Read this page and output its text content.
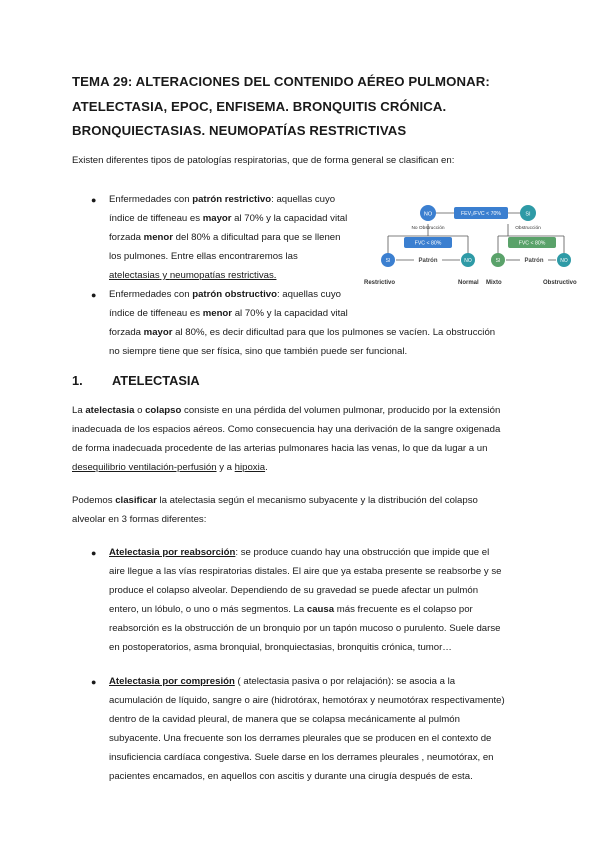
TEMA 29: ALTERACIONES DEL CONTENIDO AÉREO PULMONAR:
ATELECTASIA, EPOC, ENFISEMA. BRONQUITIS CRÓNICA.
BRONQUIECTASIAS. NEUMOPATÍAS RESTRICTIVAS
Existen diferentes tipos de patologías respiratorias, que de forma general se clasifican en:
● Enfermedades con patrón restrictivo: aquellas cuyo
índice de tiffeneau es mayor al 70% y la capacidad vital
forzada menor del 80% a dificultad para que se llenen
los pulmones. Entre ellas encontraremos las
atelectasias y neumopatías restrictivas.
● Enfermedades con patrón obstructivo: aquellas cuyo
índice de tiffeneau es menor al 70% y la capacidad vital
forzada mayor al 80%, es decir dificultad para que los pulmones se vacíen. La obstrucción
no siempre tiene que ser física, sino que también puede ser funcional.
NO	FEV₁/FVC < 70%	SI
No Obstrucción	Obstrucción
FVC < 80%	FVC < 80%
SI	Patrón	NO	SI	Patrón	NO
Restrictivo	Normal Mixto	Obstructivo
1. ATELECTASIA
La atelectasia o colapso consiste en una pérdida del volumen pulmonar, producido por la extensión
inadecuada de los espacios aéreos. Como consecuencia hay una derivación de la sangre oxigenada
de forma inadecuada procedente de las arterias pulmonares hacia las venas, lo que da lugar a un
desequilibrio ventilación-perfusión y a hipoxia.
Podemos clasificar la atelectasia según el mecanismo subyacente y la distribución del colapso
alveolar en 3 formas diferentes:
● Atelectasia por reabsorción: se produce cuando hay una obstrucción que impide que el
aire llegue a las vías respiratorias distales. El aire que ya estaba presente se reabsorbe y se
produce el colapso alveolar. Dependiendo de su gravedad se puede afectar un pulmón
entero, un lóbulo, o uno o más segmentos. La causa más frecuente es el colapso por
reabsorción es la obstrucción de un bronquio por un tapón mucoso o purulento. Suele darse
en postoperatorios, asma bronquial, bronquiectasias, bronquitis crónica, tumor…
● Atelectasia por compresión ( atelectasia pasiva o por relajación): se asocia a la
acumulación de líquido, sangre o aire (hidrotórax, hemotórax y neumotórax respectivamente)
dentro de la cavidad pleural, de manera que se colapsa mecánicamente al pulmón
subyacente. Una frecuente son los derrames pleurales que se producen en el contexto de
insuficiencia cardíaca congestiva. Suele darse en los derrames pleurales , neumotórax, en
pacientes encamados, en aquellos con ascitis y durante una cirugía después de esta.
